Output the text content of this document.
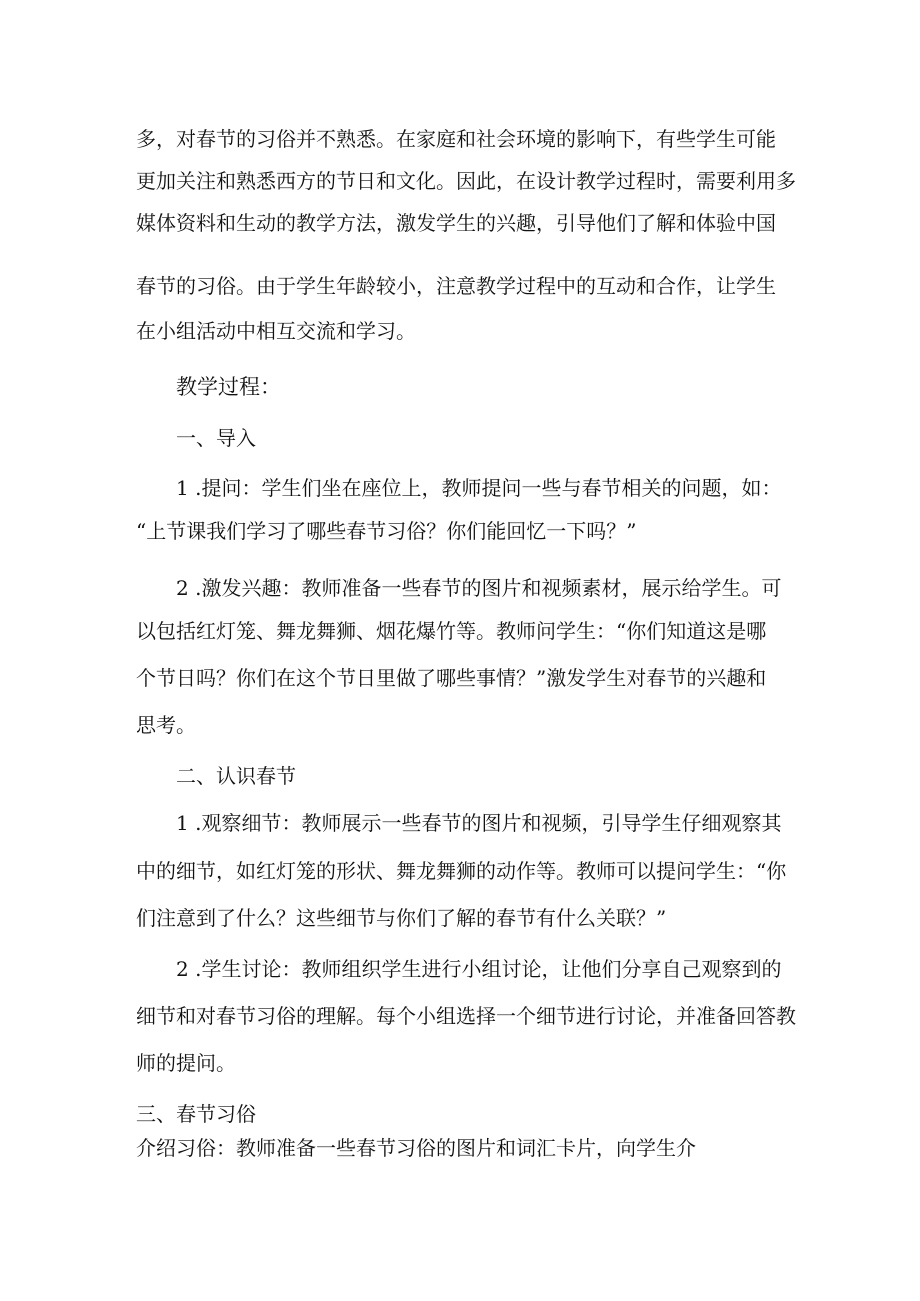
多，对春节的习俗并不熟悉。在家庭和社会环境的影响下，有些学生可能
更加关注和熟悉西方的节日和文化。因此，在设计教学过程时，需要利用多
媒体资料和生动的教学方法，激发学生的兴趣，引导他们了解和体验中国
春节的习俗。由于学生年龄较小，注意教学过程中的互动和合作，让学生
在小组活动中相互交流和学习。
教学过程：
一、导入
1 .提问：学生们坐在座位上，教师提问一些与春节相关的问题，如：
“上节课我们学习了哪些春节习俗？你们能回忆一下吗？”
2 .激发兴趣：教师准备一些春节的图片和视频素材，展示给学生。可
以包括红灯笼、舞龙舞狮、烟花爆竹等。教师问学生：“你们知道这是哪
个节日吗？你们在这个节日里做了哪些事情？”激发学生对春节的兴趣和
思考。
二、认识春节
1 .观察细节：教师展示一些春节的图片和视频，引导学生仔细观察其
中的细节，如红灯笼的形状、舞龙舞狮的动作等。教师可以提问学生：“你
们注意到了什么？这些细节与你们了解的春节有什么关联？”
2 .学生讨论：教师组织学生进行小组讨论，让他们分享自己观察到的
细节和对春节习俗的理解。每个小组选择一个细节进行讨论，并准备回答教
师的提问。
三、春节习俗
介绍习俗：教师准备一些春节习俗的图片和词汇卡片，向学生介
